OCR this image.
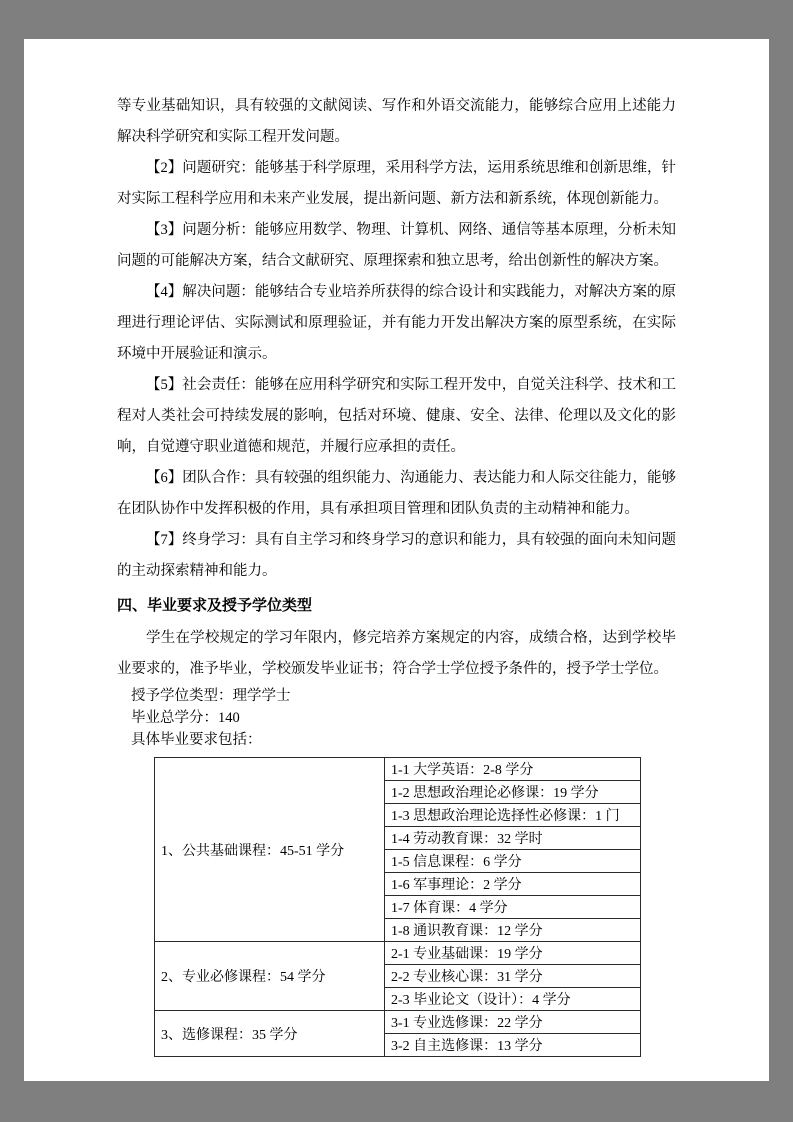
等专业基础知识，具有较强的文献阅读、写作和外语交流能力，能够综合应用上述能力解决科学研究和实际工程开发问题。

【2】问题研究：能够基于科学原理，采用科学方法，运用系统思维和创新思维，针对实际工程科学应用和未来产业发展，提出新问题、新方法和新系统，体现创新能力。

【3】问题分析：能够应用数学、物理、计算机、网络、通信等基本原理，分析未知问题的可能解决方案，结合文献研究、原理探索和独立思考，给出创新性的解决方案。

【4】解决问题：能够结合专业培养所获得的综合设计和实践能力，对解决方案的原理进行理论评估、实际测试和原理验证，并有能力开发出解决方案的原型系统，在实际环境中开展验证和演示。

【5】社会责任：能够在应用科学研究和实际工程开发中，自觉关注科学、技术和工程对人类社会可持续发展的影响，包括对环境、健康、安全、法律、伦理以及文化的影响，自觉遵守职业道德和规范，并履行应承担的责任。

【6】团队合作：具有较强的组织能力、沟通能力、表达能力和人际交往能力，能够在团队协作中发挥积极的作用，具有承担项目管理和团队负责的主动精神和能力。

【7】终身学习：具有自主学习和终身学习的意识和能力，具有较强的面向未知问题的主动探索精神和能力。

四、毕业要求及授予学位类型

学生在学校规定的学习年限内，修完培养方案规定的内容，成绩合格，达到学校毕业要求的，准予毕业，学校颁发毕业证书；符合学士学位授予条件的，授予学士学位。

授予学位类型：理学学士
毕业总学分：140
具体毕业要求包括：
1、公共基础课程：45-51 学分	1-1 大学英语：2-8 学分
	1-2 思想政治理论必修课：19 学分
	1-3 思想政治理论选择性必修课：1 门
	1-4 劳动教育课：32 学时
	1-5 信息课程：6 学分
	1-6 军事理论：2 学分
	1-7 体育课：4 学分
	1-8 通识教育课：12 学分
2、专业必修课程：54 学分	2-1 专业基础课：19 学分
	2-2 专业核心课：31 学分
	2-3 毕业论文（设计）：4 学分
3、选修课程：35 学分	3-1 专业选修课：22 学分
	3-2 自主选修课：13 学分
